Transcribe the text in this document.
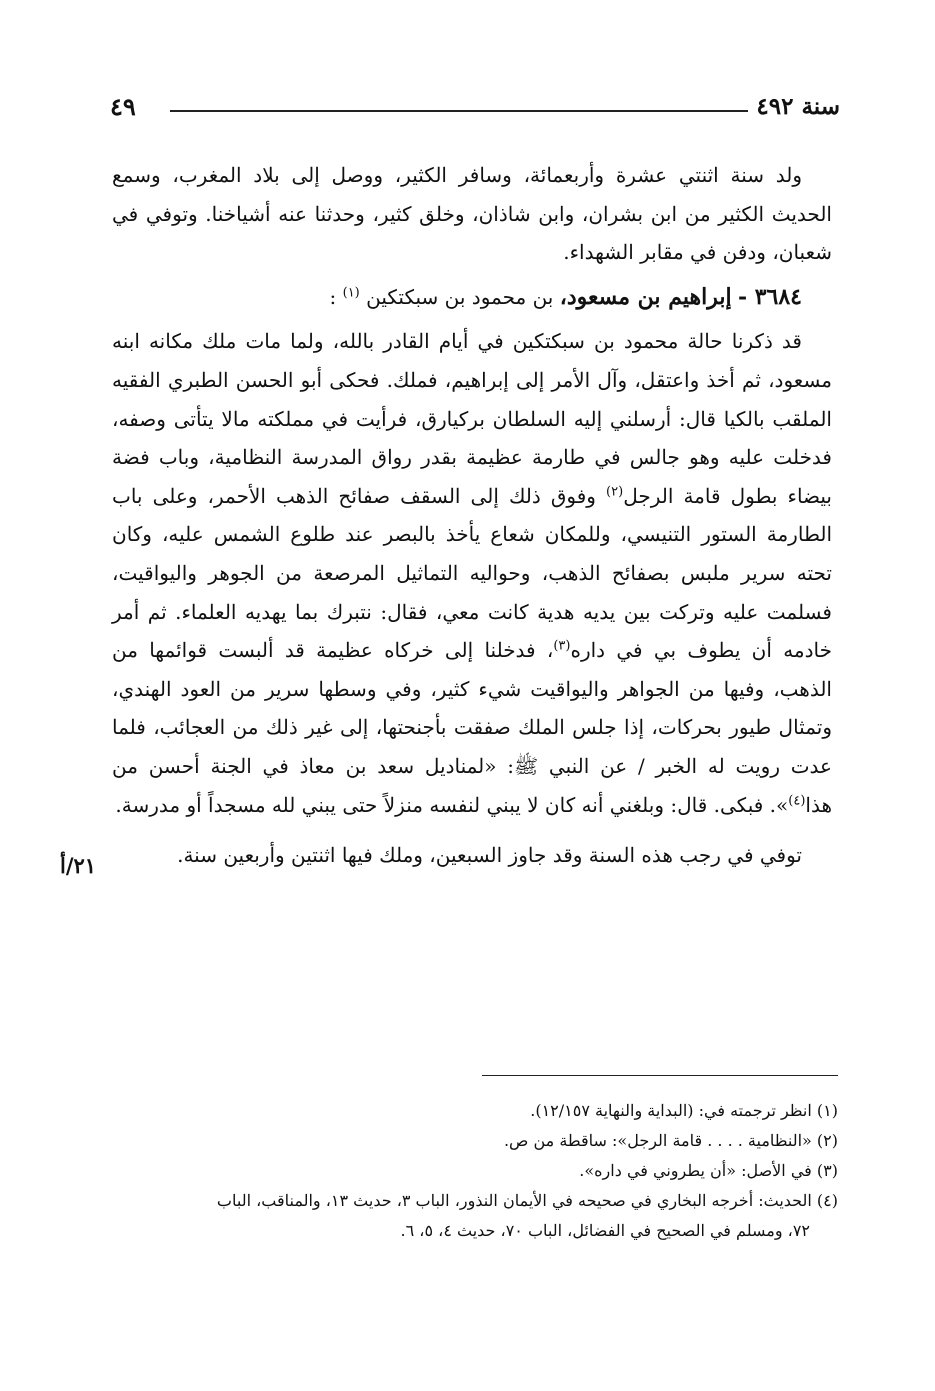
سنة ٤٩٢
٤٩

ولد سنة اثنتي عشرة وأربعمائة، وسافر الكثير، ووصل إلى بلاد المغرب، وسمع الحديث الكثير من ابن بشران، وابن شاذان، وخلق كثير، وحدثنا عنه أشياخنا. وتوفي في شعبان، ودفن في مقابر الشهداء.

٣٦٨٤ - إبراهيم بن مسعود، بن محمود بن سبكتكين $^{(١)}$ :

قد ذكرنا حالة محمود بن سبكتكين في أيام القادر بالله، ولما مات ملك مكانه ابنه مسعود، ثم أخذ واعتقل، وآل الأمر إلى إبراهيم، فملك. فحكى أبو الحسن الطبري الفقيه الملقب بالكيا قال: أرسلني إليه السلطان بركيارق، فرأيت في مملكته مالا يتأتى وصفه، فدخلت عليه وهو جالس في طارمة عظيمة بقدر رواق المدرسة النظامية، وباب فضة بيضاء بطول قامة الرجل$^{(٢)}$ وفوق ذلك إلى السقف صفائح الذهب الأحمر، وعلى باب الطارمة الستور التنيسي، وللمكان شعاع يأخذ بالبصر عند طلوع الشمس عليه، وكان تحته سرير ملبس بصفائح الذهب، وحواليه التماثيل المرصعة من الجوهر واليواقيت، فسلمت عليه وتركت بين يديه هدية كانت معي، فقال: نتبرك بما يهديه العلماء. ثم أمر خادمه أن يطوف بي في داره$^{(٣)}$، فدخلنا إلى خركاه عظيمة قد ألبست قوائمها من الذهب، وفيها من الجواهر واليواقيت شيء كثير، وفي وسطها سرير من العود الهندي، وتمثال طيور بحركات، إذا جلس الملك صفقت بأجنحتها، إلى غير ذلك من العجائب، فلما عدت رويت له الخبر / عن النبي ﷺ: «لمناديل سعد بن معاذ في الجنة أحسن من هذا$^{(٤)}$». فبكى. قال: وبلغني أنه كان لا يبني لنفسه منزلاً حتى يبني لله مسجداً أو مدرسة.

توفي في رجب هذه السنة وقد جاوز السبعين، وملك فيها اثنتين وأربعين سنة.

٢١/أ

(١) انظر ترجمته في: (البداية والنهاية ١٢/١٥٧).

(٢) «النظامية . . . . قامة الرجل»: ساقطة من ص.

(٣) في الأصل: «أن يطروني في داره».

(٤) الحديث: أخرجه البخاري في صحيحه في الأيمان النذور، الباب ٣، حديث ١٣، والمناقب، الباب

٧٢، ومسلم في الصحيح في الفضائل، الباب ٧٠، حديث ٤، ٥، ٦.
